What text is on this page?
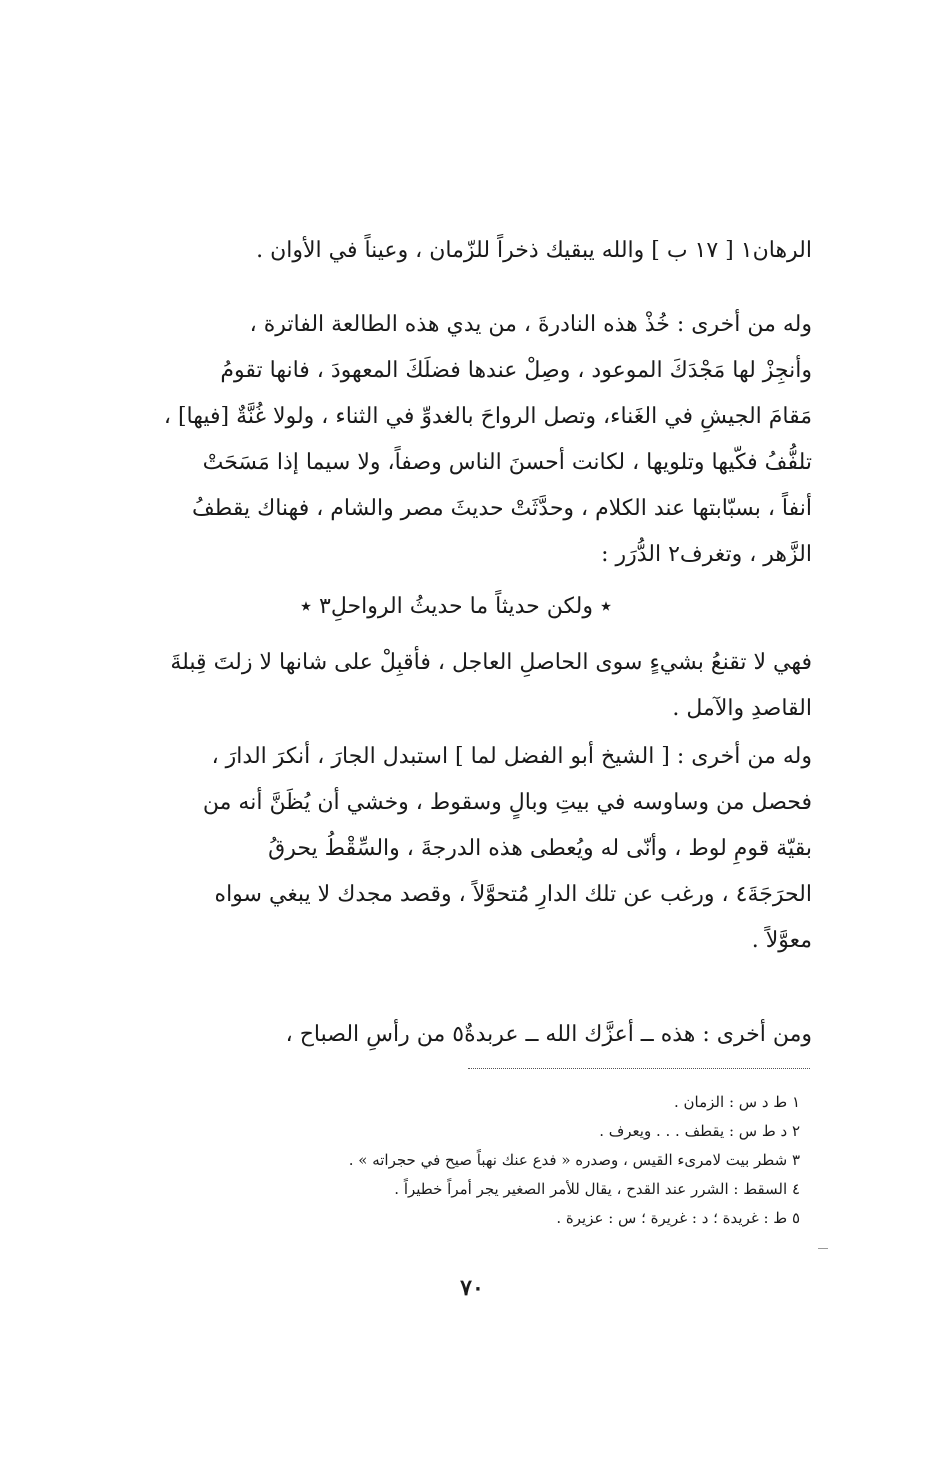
الرهان١ [ ١٧ ب ] والله يبقيك ذخراً للزّمان ، وعيناً في الأوان .
وله من أخرى : خُذْ هذه النادرةَ ، من يدي هذه الطالعة الفاترة ،
وأنجِزْ لها مَجْدَكَ الموعود ، وصِلْ عندها فضلَكَ المعهودَ ، فانها تقومُ
مَقامَ الجيشِ في الغَناء، وتصل الرواحَ بالغدوِّ في الثناء ، ولولا غُنَّةٌ [فيها] ،
تلفُّفُ فكّيها وتلويها ، لكانت أحسنَ الناس وصفاً، ولا سيما إذا مَسَحَتْ
أنفاً ، بسبّابتها عند الكلام ، وحدَّثَتْ حديثَ مصر والشام ، فهناك يقطفُ
الزَّهر ، وتغرف٢ الدُّرَر :
٭ ولكن حديثاً ما حديثُ الرواحلِ٣ ٭
فهي لا تقنعُ بشيءٍ سوى الحاصلِ العاجل ، فأقبِلْ على شانها لا زلتَ قِبلةَ
القاصدِ والآمل .
وله من أخرى : [ الشيخ أبو الفضل لما ] استبدل الجارَ ، أنكرَ الدارَ ،
فحصل من وساوسه في بيتِ وبالٍ وسقوط ، وخشي أن يُظَنَّ أنه من
بقيّة قومِ لوط ، وأنّى له ويُعطى هذه الدرجةَ ، والسِّقْطُ يحرقُ
الحرَجَةَ٤ ، ورغب عن تلك الدارِ مُتحوَّلاً ، وقصد مجدك لا يبغي سواه
معوَّلاً .
ومن أخرى : هذه ــ أعزَّك الله ــ عربدةٌ٥ من رأسِ الصباح ،
١ ط د س : الزمان .
٢ د ط س : يقطف . . . ويعرف .
٣ شطر بيت لامرىء القيس ، وصدره « فدع عنك نهباً صيح في حجراته » .
٤ السقط : الشرر عند القدح ، يقال للأمر الصغير يجر أمراً خطيراً .
٥ ط : غريدة ؛ د : غريرة ؛ س : عزيرة .
٧٠
